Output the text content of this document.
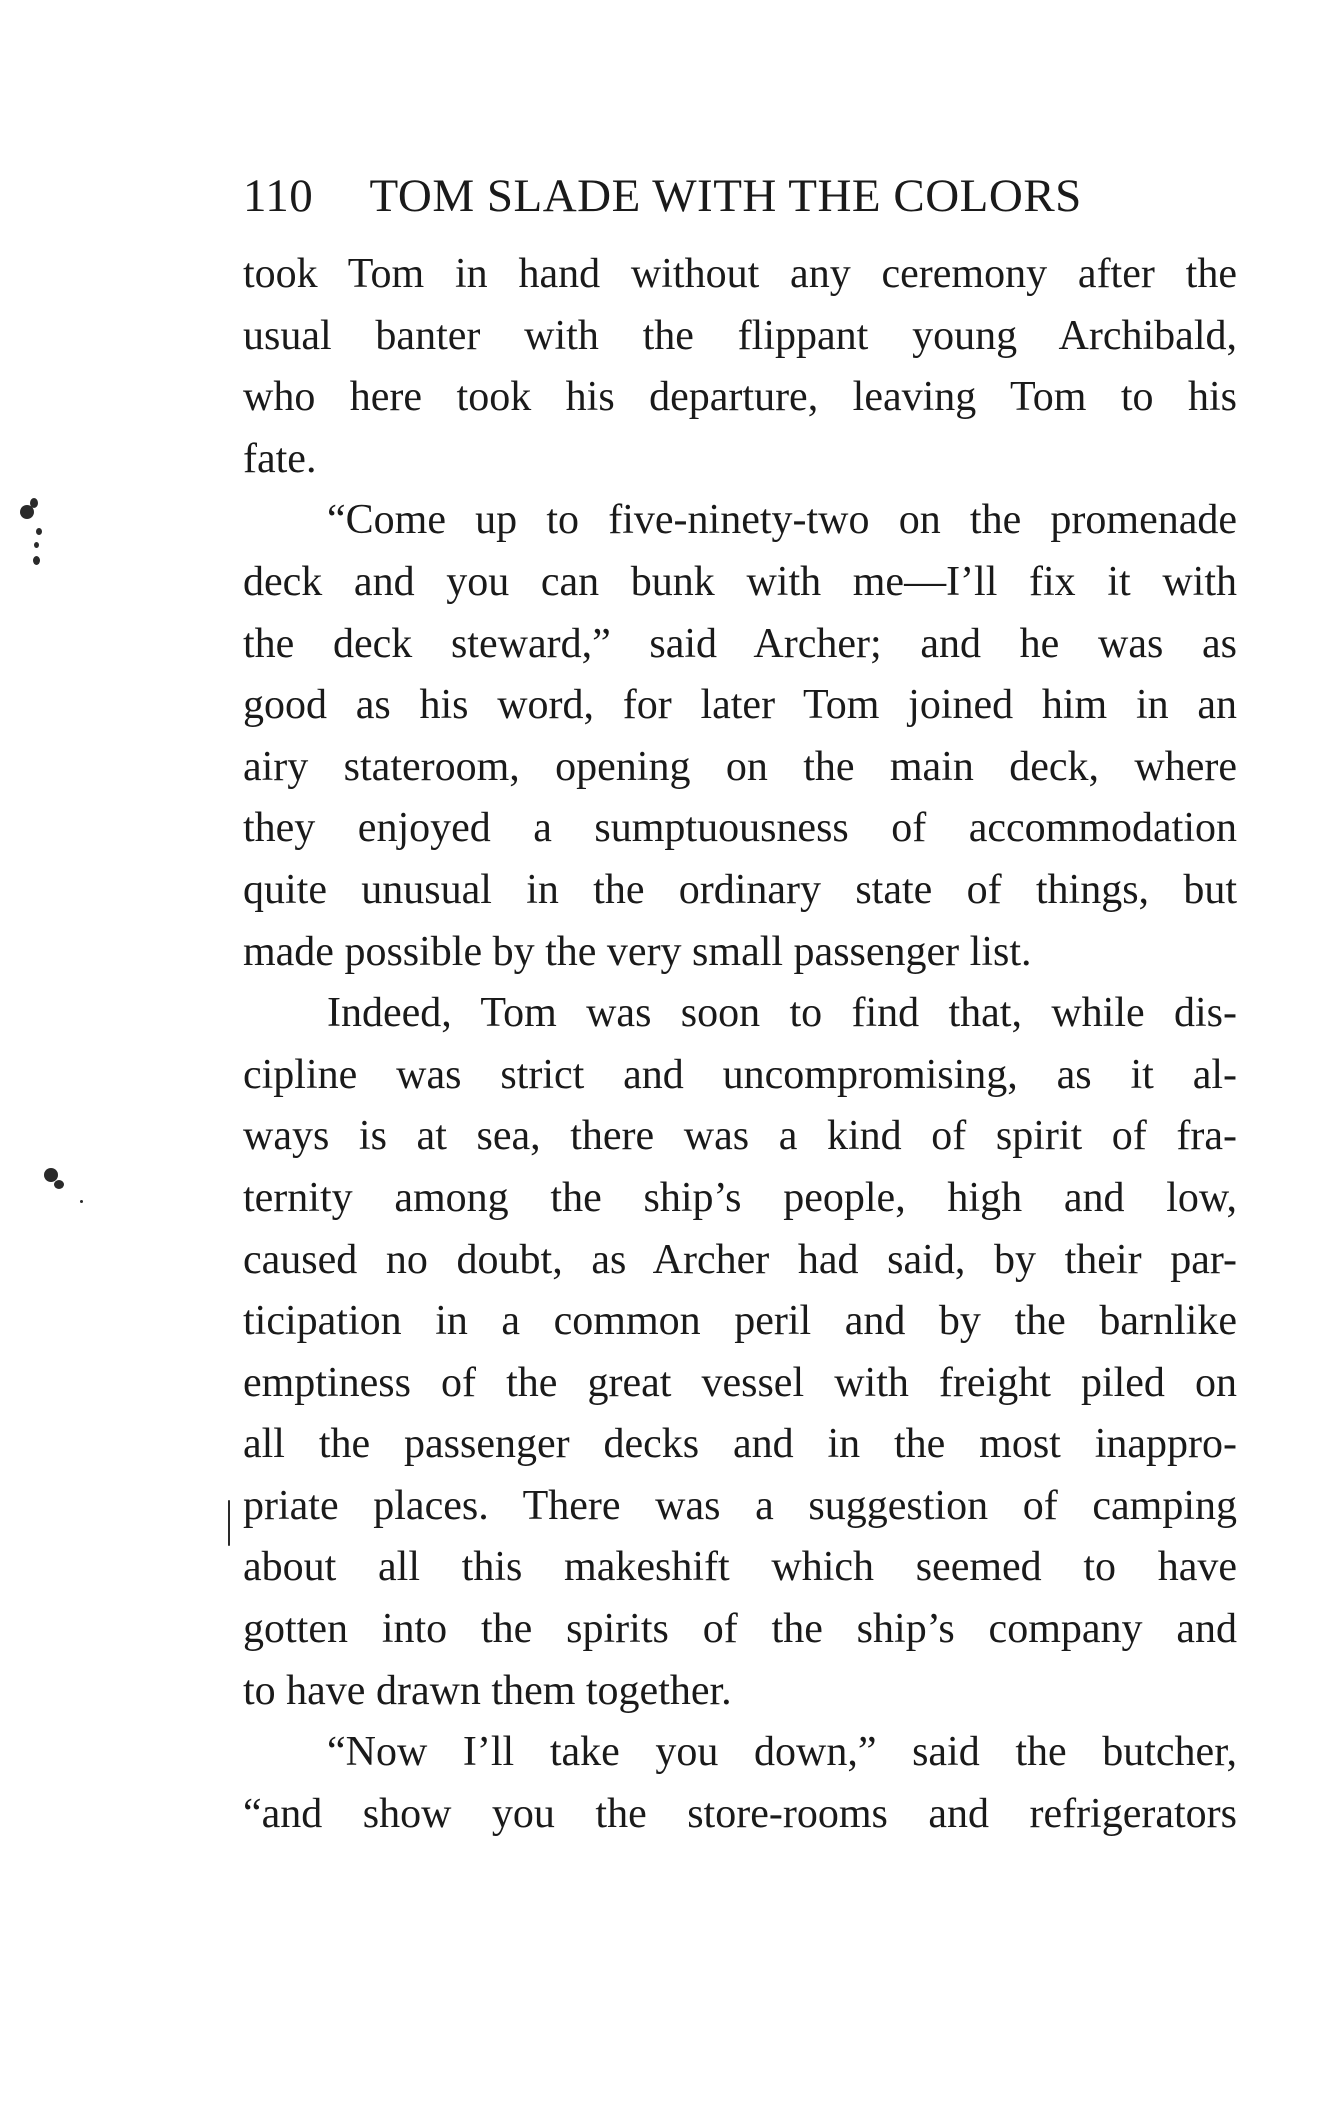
110 TOM SLADE WITH THE COLORS
took Tom in hand without any ceremony after the
usual banter with the flippant young Archibald,
who here took his departure, leaving Tom to his
fate.
“Come up to five-ninety-two on the promenade
deck and you can bunk with me—I’ll fix it with
the deck steward,” said Archer; and he was as
good as his word, for later Tom joined him in an
airy stateroom, opening on the main deck, where
they enjoyed a sumptuousness of accommodation
quite unusual in the ordinary state of things, but
made possible by the very small passenger list.
Indeed, Tom was soon to find that, while dis-
cipline was strict and uncompromising, as it al-
ways is at sea, there was a kind of spirit of fra-
ternity among the ship’s people, high and low,
caused no doubt, as Archer had said, by their par-
ticipation in a common peril and by the barnlike
emptiness of the great vessel with freight piled on
all the passenger decks and in the most inappro-
priate places. There was a suggestion of camping
about all this makeshift which seemed to have
gotten into the spirits of the ship’s company and
to have drawn them together.
“Now I’ll take you down,” said the butcher,
“and show you the store-rooms and refrigerators
